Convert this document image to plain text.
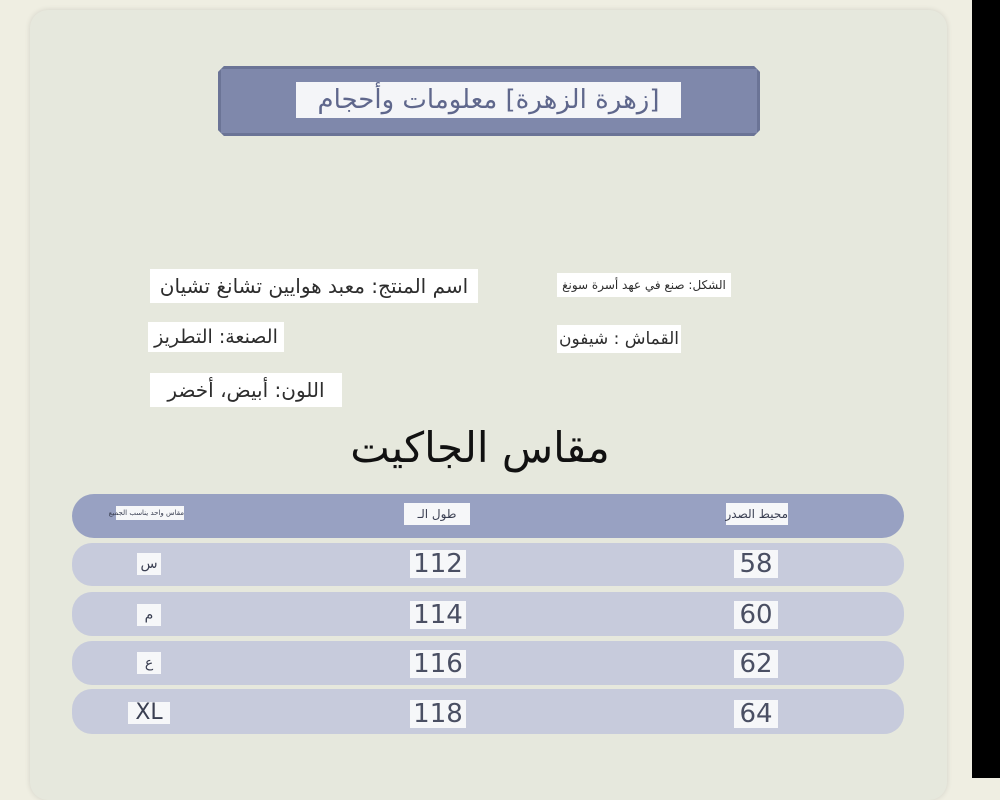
[زهرة الزهرة] معلومات وأحجام
اسم المنتج: معبد هوايين تشانغ تشيان	الشكل: صنع في عهد أسرة سونغ
الصنعة: التطريز	القماش : شيفون
اللون: أبيض، أخضر
مقاس الجاكيت
مقاس واحد يناسب الجميع	طول الـ	محيط الصدر
س	112	58
م	114	60
ع	116	62
XL	118	64
